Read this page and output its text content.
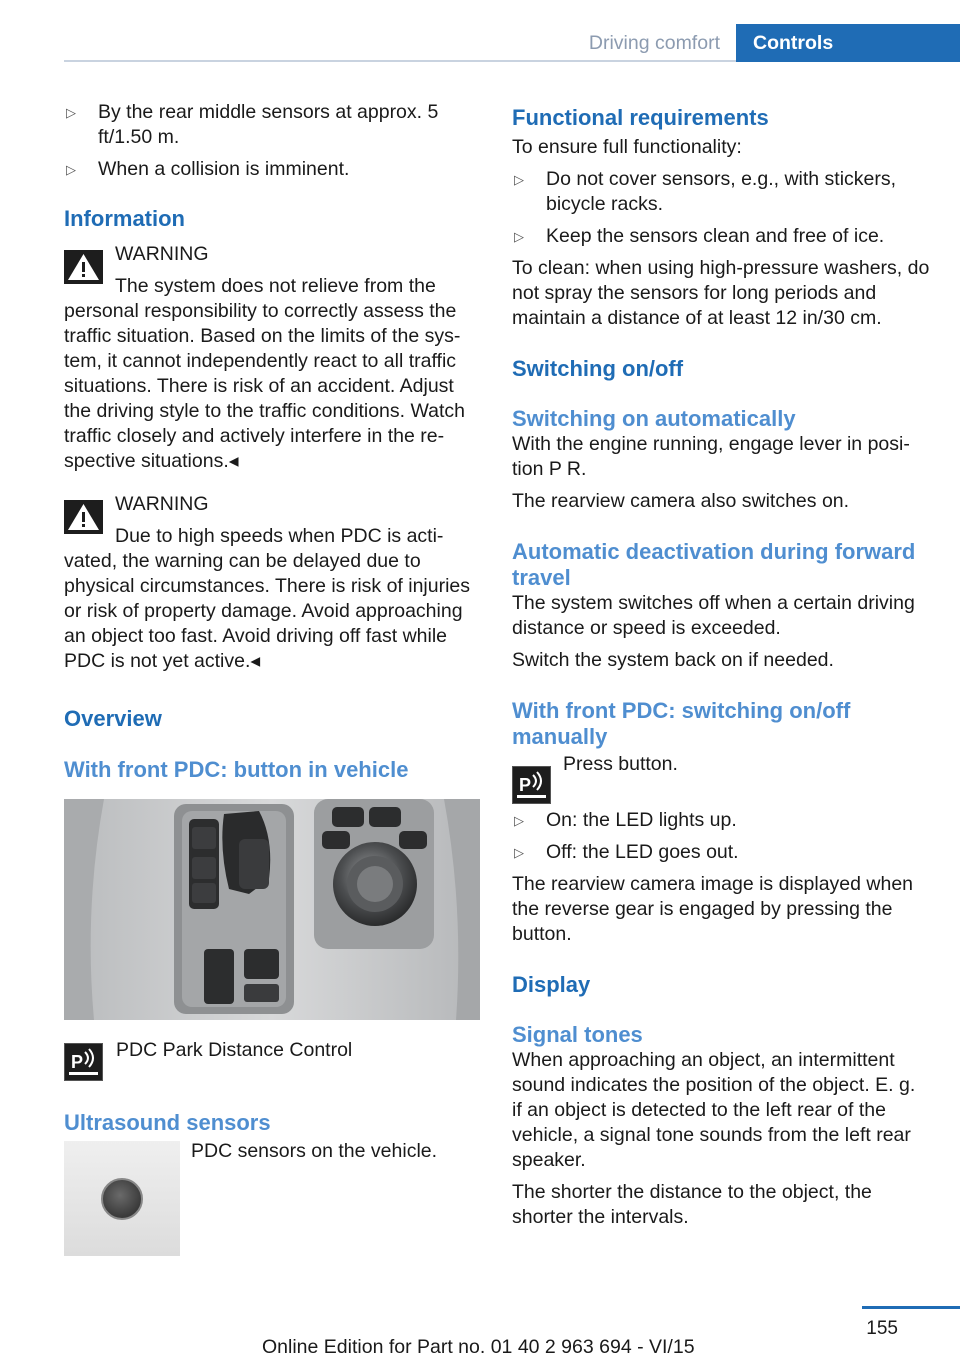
Driving comfort	Controls
▷ By the rear middle sensors at approx. 5 ft/1.50 m.
▷ When a collision is imminent.
Information

WARNING

The system does not relieve from the

personal responsibility to correctly assess the traffic situation. Based on the limits of the sys-tem, it cannot independently react to all traffic situations. There is risk of an accident. Adjust the driving style to the traffic conditions. Watch traffic closely and actively interfere in the re-spective situations.◂

WARNING

Due to high speeds when PDC is acti-

vated, the warning can be delayed due to physical circumstances. There is risk of injuries or risk of property damage. Avoid approaching an object too fast. Avoid driving off fast while PDC is not yet active.◂

Overview
With front PDC: button in vehicle
P
PDC Park Distance Control
Ultrasound sensors
PDC sensors on the vehicle.
Functional requirements

To ensure full functionality:

▷ Do not cover sensors, e.g., with stickers, bicycle racks.
▷ Keep the sensors clean and free of ice.

To clean: when using high-pressure washers, do not spray the sensors for long periods and maintain a distance of at least 12 in/30 cm.

Switching on/off
Switching on automatically

With the engine running, engage lever in posi-tion P R.

The rearview camera also switches on.

Automatic deactivation during forward travel

The system switches off when a certain driving distance or speed is exceeded.

Switch the system back on if needed.

With front PDC: switching on/off manually
P
Press button.
▷ On: the LED lights up.
▷ Off: the LED goes out.

The rearview camera image is displayed when the reverse gear is engaged by pressing the button.

Display
Signal tones

When approaching an object, an intermittent sound indicates the position of the object. E. g. if an object is detected to the left rear of the vehicle, a signal tone sounds from the left rear speaker.

The shorter the distance to the object, the shorter the intervals.

155
Online Edition for Part no. 01 40 2 963 694 - VI/15
